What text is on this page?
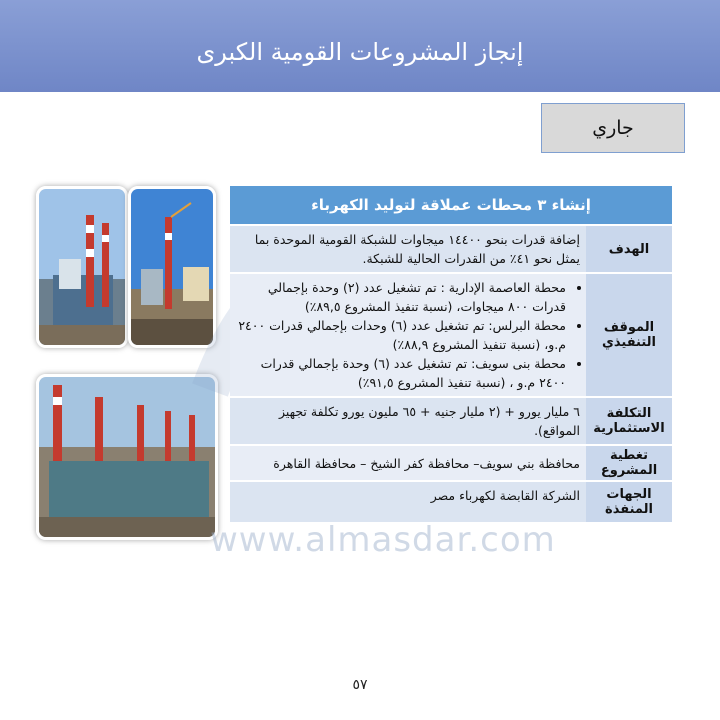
إنجاز المشروعات القومية الكبرى
جاري
إنشاء ٣ محطات عملاقة لتوليد الكهرباء
الهدف
إضافة قدرات بنحو ١٤٤٠٠ ميجاوات للشبكة القومية الموحدة بما يمثل نحو ٤١٪ من القدرات الحالية للشبكة.
الموقف التنفيذي
• محطة العاصمة الإدارية : تم تشغيل عدد (٢) وحدة بإجمالي قدرات ٨٠٠ ميجاوات، (نسبة تنفيذ المشروع ٨٩,٥٪)
• محطة البرلس: تم تشغيل عدد (٦) وحدات بإجمالي قدرات ٢٤٠٠ م.و، (نسبة تنفيذ المشروع ٨٨,٩٪)
• محطة بنى سويف: تم تشغيل عدد (٦) وحدة بإجمالي قدرات ٢٤٠٠ م.و ، (نسبة تنفيذ المشروع ٩١,٥٪)
التكلفة الاستثمارية
٦ مليار يورو + (٢ مليار جنيه + ٦٥ مليون يورو تكلفة تجهيز المواقع).
تغطية المشروع
محافظة بني سويف– محافظة كفر الشيخ – محافظة القاهرة
الجهات المنفذة
الشركة القابضة لكهرباء مصر
www.almasdar.com
٥٧
